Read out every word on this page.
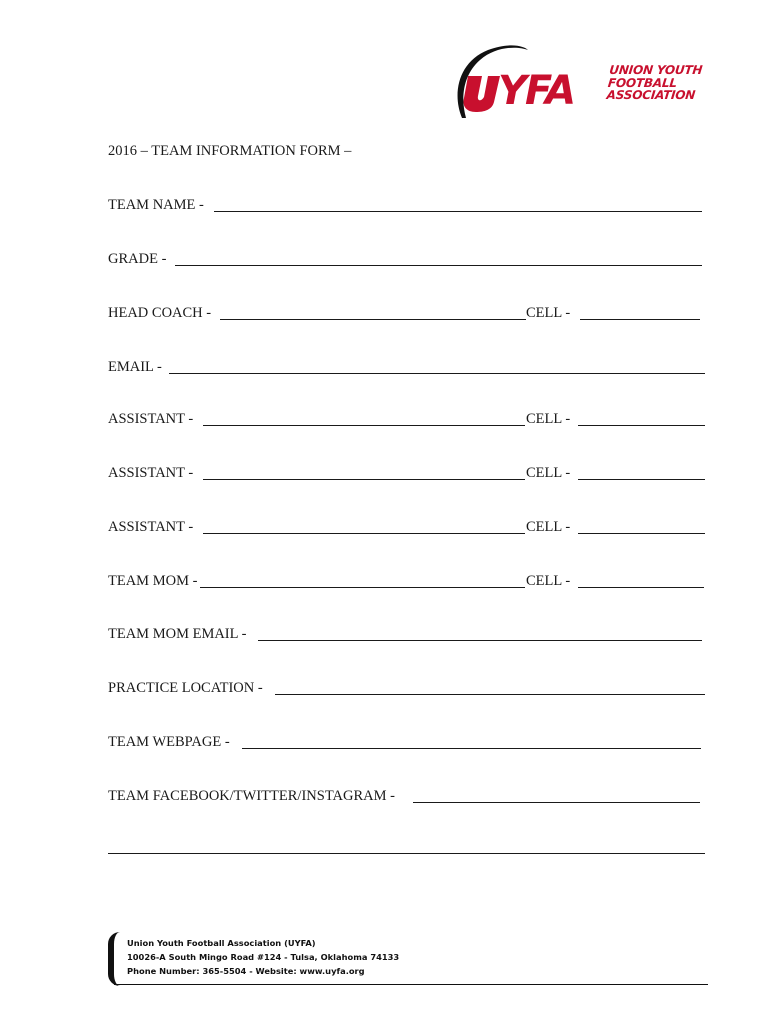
YFA	UNION YOUTH
FOOTBALL
ASSOCIATION
2016 – TEAM INFORMATION FORM –
TEAM NAME -
GRADE -
HEAD COACH -	CELL -
EMAIL -
ASSISTANT -	CELL -
ASSISTANT -	CELL -
ASSISTANT -	CELL -
TEAM MOM -	CELL -
TEAM MOM EMAIL -
PRACTICE LOCATION -
TEAM WEBPAGE -
TEAM FACEBOOK/TWITTER/INSTAGRAM -
Union Youth Football Association (UYFA)
10026-A South Mingo Road #124 - Tulsa, Oklahoma 74133
Phone Number: 365-5504 - Website: www.uyfa.org
